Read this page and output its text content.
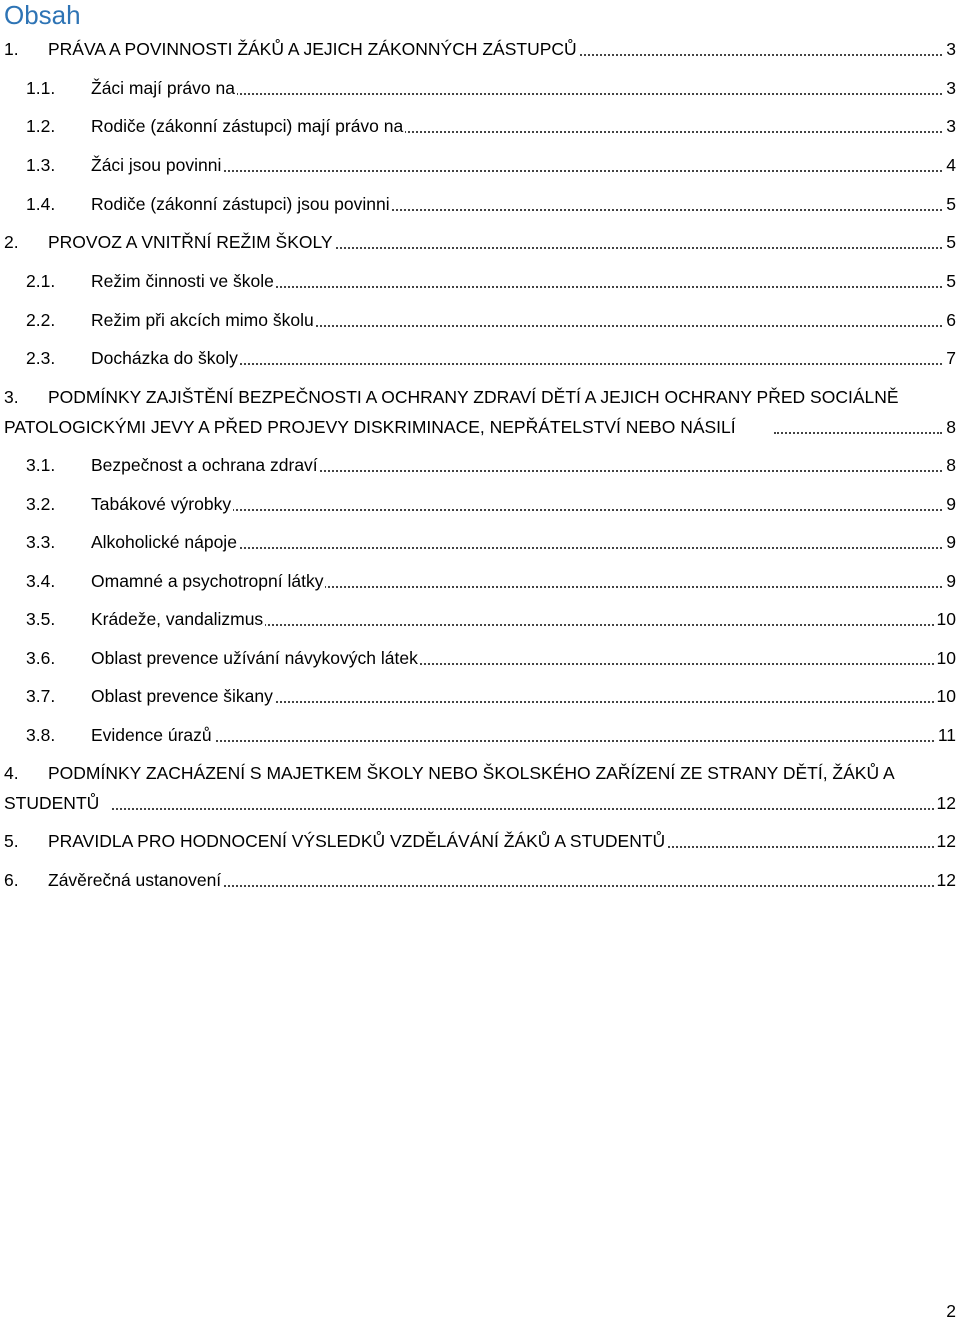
Obsah
1. PRÁVA A POVINNOSTI ŽÁKŮ A JEJICH ZÁKONNÝCH ZÁSTUPCŮ	3
1.1. Žáci mají právo na	3
1.2. Rodiče (zákonní zástupci) mají právo na	3
1.3. Žáci jsou povinni	4
1.4. Rodiče (zákonní zástupci) jsou povinni	5
2. PROVOZ A VNITŘNÍ REŽIM ŠKOLY	5
2.1. Režim činnosti ve škole	5
2.2. Režim při akcích mimo školu	6
2.3. Docházka do školy	7
3.	PODMÍNKY ZAJIŠTĚNÍ BEZPEČNOSTI A OCHRANY ZDRAVÍ DĚTÍ A JEJICH OCHRANY PŘED SOCIÁLNĚ PATOLOGICKÝMI JEVY A PŘED PROJEVY DISKRIMINACE, NEPŘÁTELSTVÍ NEBO NÁSILÍ	8
3.1. Bezpečnost a ochrana zdraví	8
3.2. Tabákové výrobky	9
3.3. Alkoholické nápoje	9
3.4. Omamné a psychotropní látky	9
3.5. Krádeže, vandalizmus	10
3.6. Oblast prevence užívání návykových látek	10
3.7. Oblast prevence šikany	10
3.8. Evidence úrazů	11
4.	PODMÍNKY ZACHÁZENÍ S MAJETKEM ŠKOLY NEBO ŠKOLSKÉHO ZAŘÍZENÍ ZE STRANY DĚTÍ, ŽÁKŮ A STUDENTŮ	12
5. PRAVIDLA PRO HODNOCENÍ VÝSLEDKŮ VZDĚLÁVÁNÍ ŽÁKŮ A STUDENTŮ	12
6. Závěrečná ustanovení	12
2
